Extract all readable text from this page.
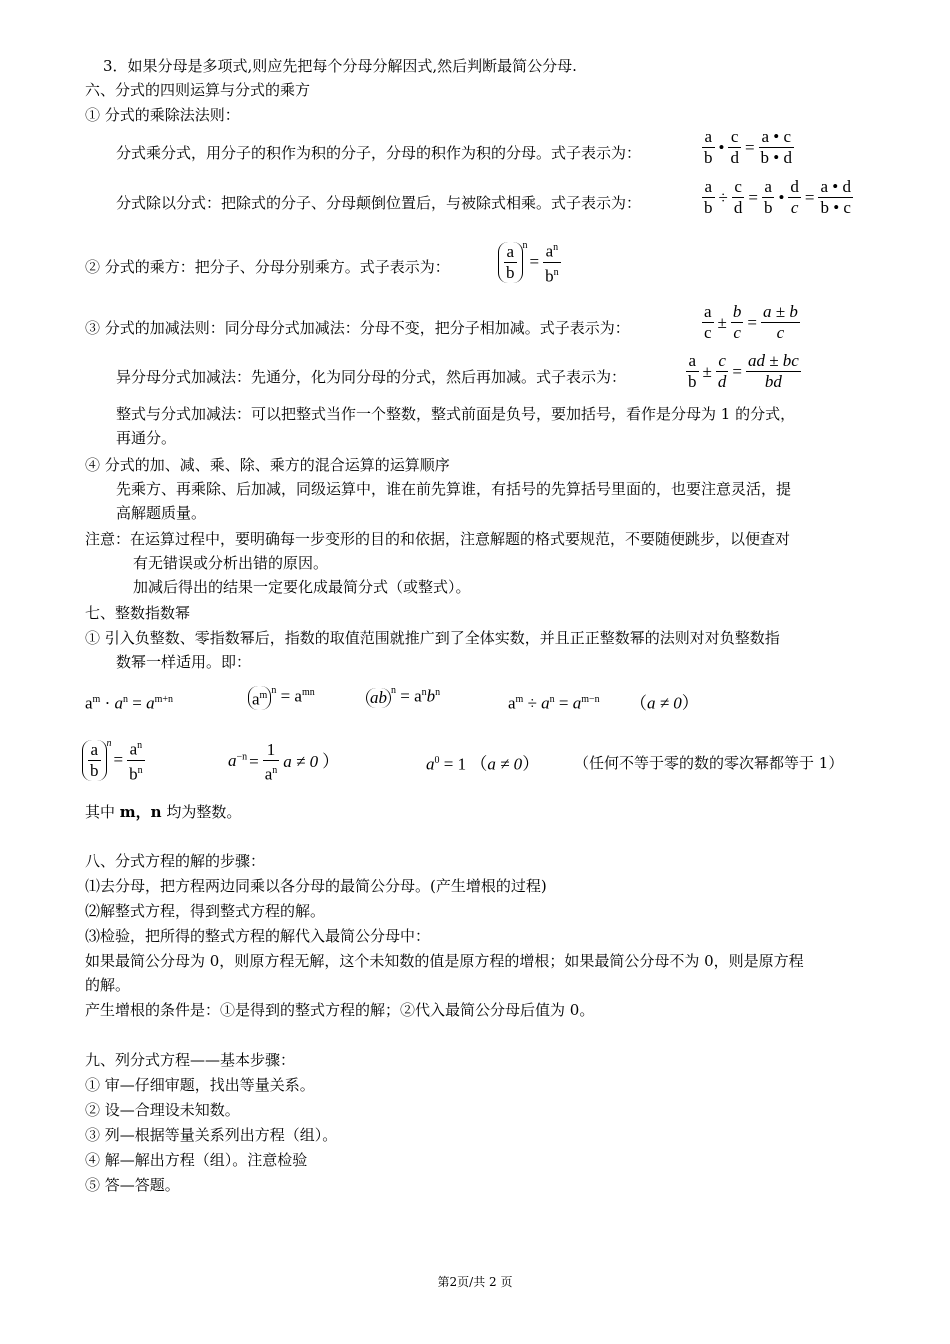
3．如果分母是多项式,则应先把每个分母分解因式,然后判断最简公分母.
六、分式的四则运算与分式的乘方
① 分式的乘除法法则：
分式乘分式，用分子的积作为积的分子，分母的积作为积的分母。式子表示为：	$\frac{a}{b}$ • $\frac{c}{d} = \frac{a • c}{b • d}$
分式除以分式：把除式的分子、分母颠倒位置后，与被除式相乘。式子表示为：	$\frac{a}{b} \div \frac{c}{d} = \frac{a}{b}$ • $\frac{d}{c} = \frac{a • d}{b • c}$
② 分式的乘方：把分子、分母分别乘方。式子表示为：	$\frac{a}{b} ^n= \frac{a^n}{b^n}$
③ 分式的加减法则：同分母分式加减法：分母不变，把分子相加减。式子表示为：	$\frac{a}{c} \pm \frac{b}{c} = \frac{a \pm b}{c}$
异分母分式加减法：先通分，化为同分母的分式，然后再加减。式子表示为：	$\frac{a}{b} \pm \frac{c}{d} = \frac{ad \pm bc}{bd}$
整式与分式加减法：可以把整式当作一个整数，整式前面是负号，要加括号，看作是分母为 1 的分式，
再通分。
④ 分式的加、减、乘、除、乘方的混合运算的运算顺序
先乘方、再乘除、后加减，同级运算中，谁在前先算谁，有括号的先算括号里面的，也要注意灵活，提
高解题质量。
注意：在运算过程中，要明确每一步变形的目的和依据，注意解题的格式要规范，不要随便跳步，以便查对
有无错误或分析出错的原因。
加减后得出的结果一定要化成最简分式（或整式）。
七、整数指数幂
① 引入负整数、零指数幂后，指数的取值范围就推广到了全体实数，并且正正整数幂的法则对对负整数指
数幂一样适用。即：
$a^m \cdot a^n = a^{m+n}$	$a^m$ $^n = a^{mn}$	ab $^n = a^nb^n$
$a^m \div a^n = a^{m-n}$ （a ≠ 0）
$\frac{a}{b} ^n= \frac{a^n}{b^n}$	$a^{-n} = \frac{1}{a^n}$ a ≠ 0 ）	$a^0 = 1$ （a ≠ 0） （任何不等于零的数的零次幂都等于 1）
其中 m，n 均为整数。
八、分式方程的解的步骤：
⑴去分母，把方程两边同乘以各分母的最简公分母。(产生增根的过程)
⑵解整式方程，得到整式方程的解。
⑶检验，把所得的整式方程的解代入最简公分母中：
如果最简公分母为 0，则原方程无解，这个未知数的值是原方程的增根；如果最简公分母不为 0，则是原方程
的解。
产生增根的条件是：①是得到的整式方程的解；②代入最简公分母后值为 0。
九、列分式方程——基本步骤：
① 审—仔细审题，找出等量关系。
② 设—合理设未知数。
③ 列—根据等量关系列出方程（组）。
④ 解—解出方程（组）。注意检验
⑤ 答—答题。
第2页/共 2 页
